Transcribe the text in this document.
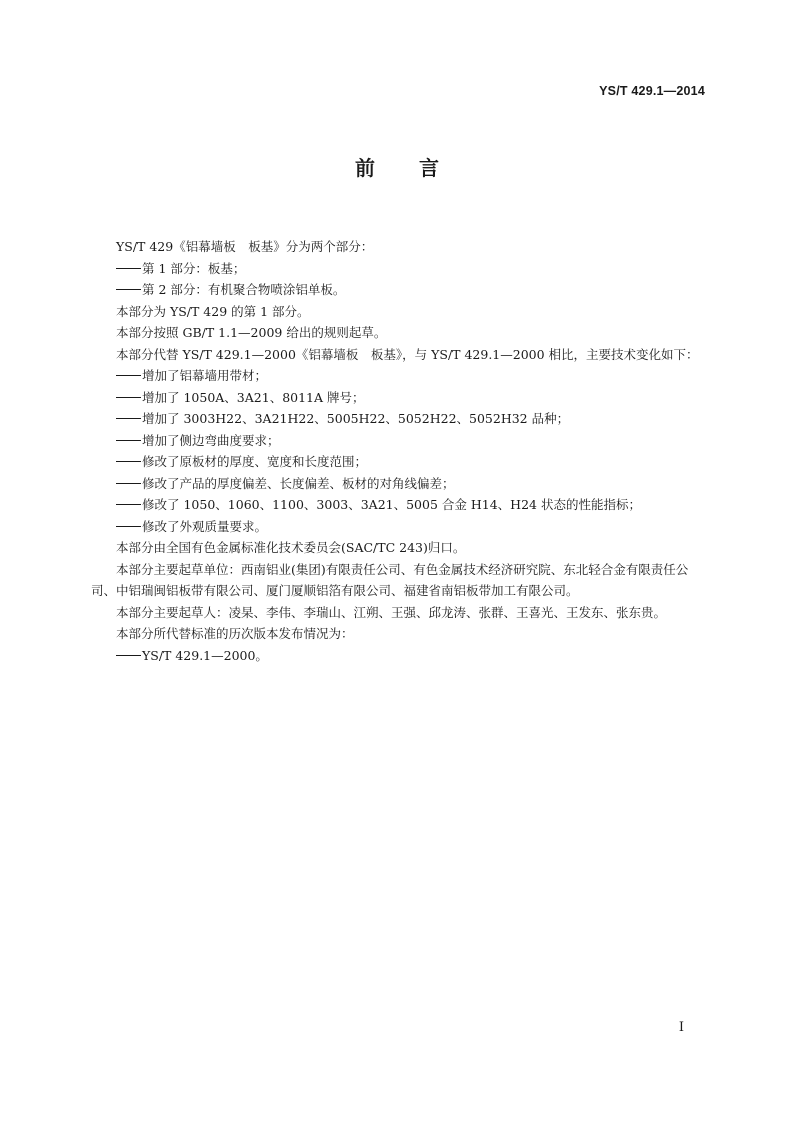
YS/T 429.1—2014
前言

YS/T 429《铝幕墙板　板基》分为两个部分：

第 1 部分：板基；

第 2 部分：有机聚合物喷涂铝单板。

本部分为 YS/T 429 的第 1 部分。

本部分按照 GB/T 1.1—2009 给出的规则起草。

本部分代替 YS/T 429.1—2000《铝幕墙板　板基》，与 YS/T 429.1—2000 相比，主要技术变化如下：

增加了铝幕墙用带材；

增加了 1050A、3A21、8011A 牌号；

增加了 3003H22、3A21H22、5005H22、5052H22、5052H32 品种；

增加了侧边弯曲度要求；

修改了原板材的厚度、宽度和长度范围；

修改了产品的厚度偏差、长度偏差、板材的对角线偏差；

修改了 1050、1060、1100、3003、3A21、5005 合金 H14、H24 状态的性能指标；

修改了外观质量要求。

本部分由全国有色金属标准化技术委员会(SAC/TC 243)归口。

本部分主要起草单位：西南铝业(集团)有限责任公司、有色金属技术经济研究院、东北轻合金有限责任公司、中铝瑞闽铝板带有限公司、厦门厦顺铝箔有限公司、福建省南铝板带加工有限公司。

本部分主要起草人：凌杲、李伟、李瑞山、江朔、王强、邱龙涛、张群、王喜光、王发东、张东贵。

本部分所代替标准的历次版本发布情况为：

YS/T 429.1—2000。

I
